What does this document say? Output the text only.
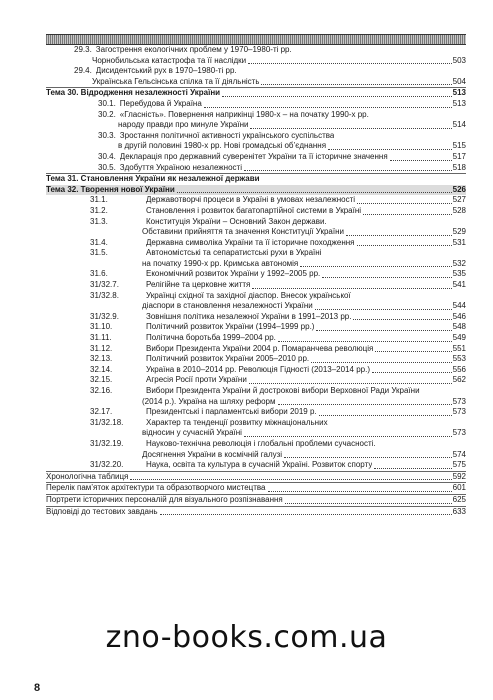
29.3. Загострення екологічних проблем у 1970–1980-ті рр.
Чорнобильська катастрофа та її наслідки	503
29.4. Дисидентський рух в 1970–1980-ті рр.
Українська Гельсінська спілка та її діяльність	504
Тема 30. Відродження незалежності України	513
30.1. Перебудова й Україна	513
30.2. «Гласність». Повернення наприкінці 1980-х – на початку 1990-х рр.
народу правди про минуле України	514
30.3. Зростання політичної активності українського суспільства
в другій половині 1980-х рр. Нові громадські об’єднання	515
30.4. Декларація про державний суверенітет України та її історичне значення	517
30.5. Здобуття Україною незалежності	518
Тема 31. Становлення України як незалежної держави
Тема 32. Творення нової України	526
31.1.	Державотворчі процеси в Україні в умовах незалежності	527
31.2.	Становлення і розвиток багатопартійної системи в Україні	528
31.3.	Конституція України – Основний Закон держави.
Обставини прийняття та значення Конституції України	529
31.4.	Державна символіка України та її історичне походження	531
31.5.	Автономістські та сепаратистські рухи в Україні
на початку 1990-х рр. Кримська автономія	532
31.6.	Економічний розвиток України у 1992–2005 рр.	535
31/32.7.	Релігійне та церковне життя	541
31/32.8.	Українці східної та західної діаспор. Внесок української
діаспори в становлення незалежності України	544
31/32.9.	Зовнішня політика незалежної України в 1991–2013 рр.	546
31.10.	Політичний розвиток України (1994–1999 рр.)	548
31.11.	Політична боротьба 1999–2004 рр.	549
31.12.	Вибори Президента України 2004 р. Помаранчева революція	551
32.13.	Політичний розвиток України 2005–2010 рр.	553
32.14.	Україна в 2010–2014 рр. Революція Гідності (2013–2014 рр.)	556
32.15.	Агресія Росії проти України	562
32.16.	Вибори Президента України й дострокові вибори Верховної Ради України
(2014 р.). Україна на шляху реформ	573
32.17.	Президентські і парламентські вибори 2019 р.	573
31/32.18.	Характер та тенденції розвитку міжнаціональних
відносин у сучасній Україні	573
31/32.19.	Науково-технічна революція і глобальні проблеми сучасності.
Досягнення України в космічній галузі	574
31/32.20.	Наука, освіта та культура в сучасній Україні. Розвиток спорту	575
Хронологічна таблиця	592
Перелік пам’яток архітектури та образотворчого мистецтва	601
Портрети історичних персоналій для візуального розпізнавання	625
Відповіді до тестових завдань	633
zno-books.com.ua
8
